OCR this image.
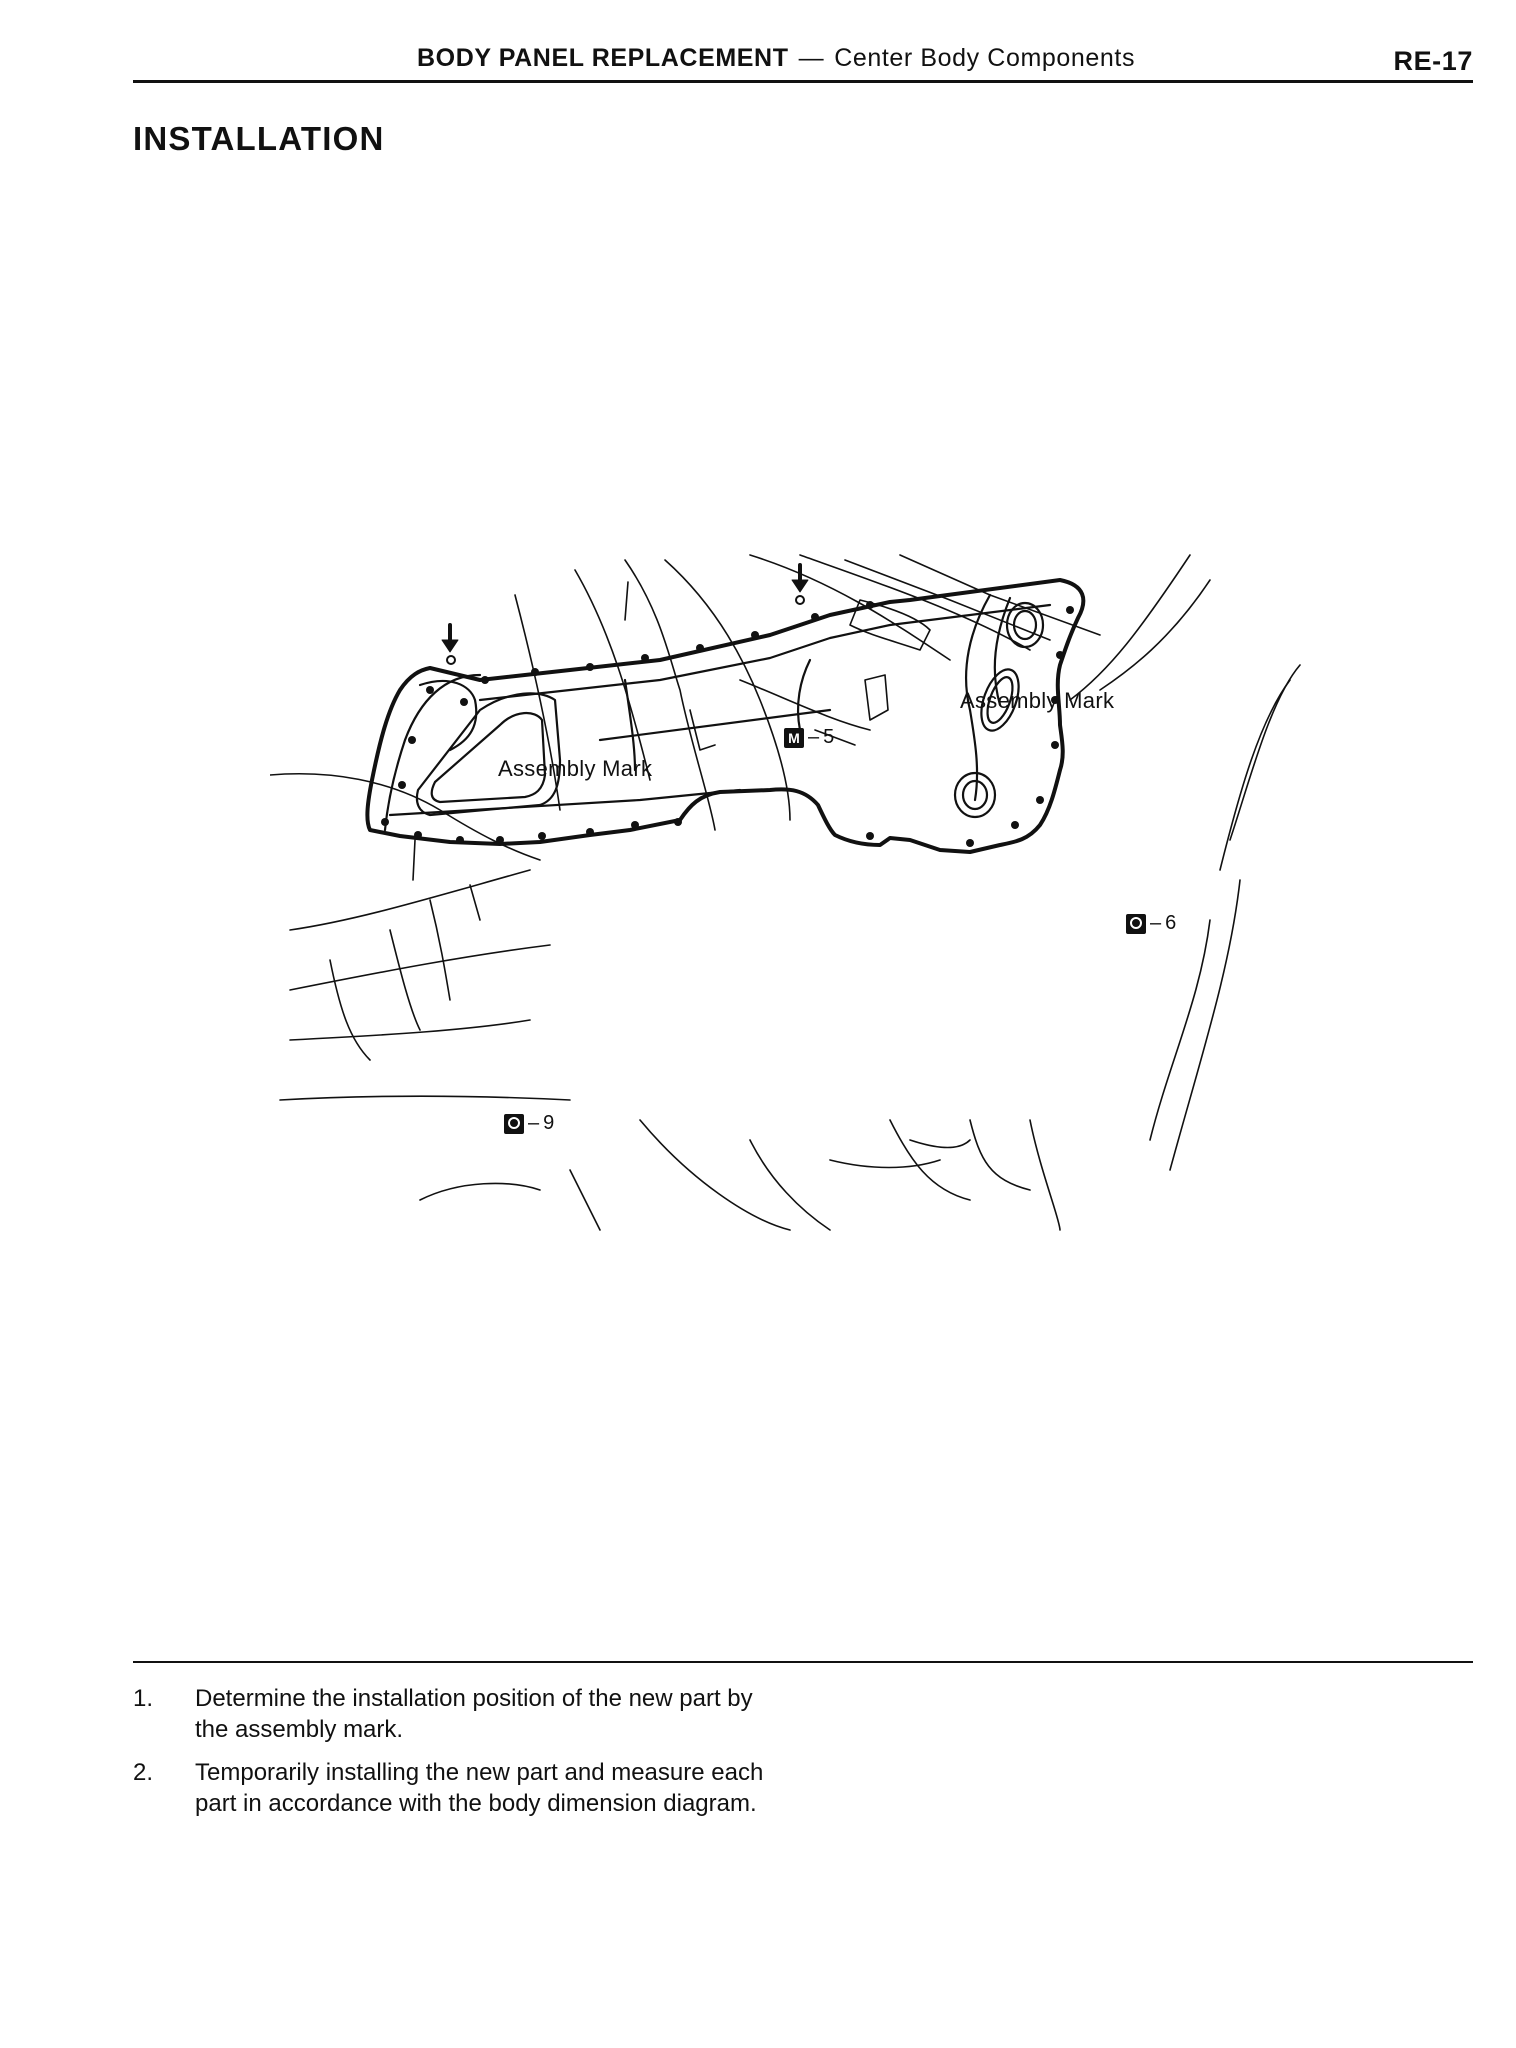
BODY PANEL REPLACEMENT — Center Body Components	RE-17
INSTALLATION
Assembly Mark
Assembly Mark
M – 5
– 6
– 9
1. Determine the installation position of the new part by the assembly mark.
2. Temporarily installing the new part and measure each part in accordance with the body dimension diagram.
